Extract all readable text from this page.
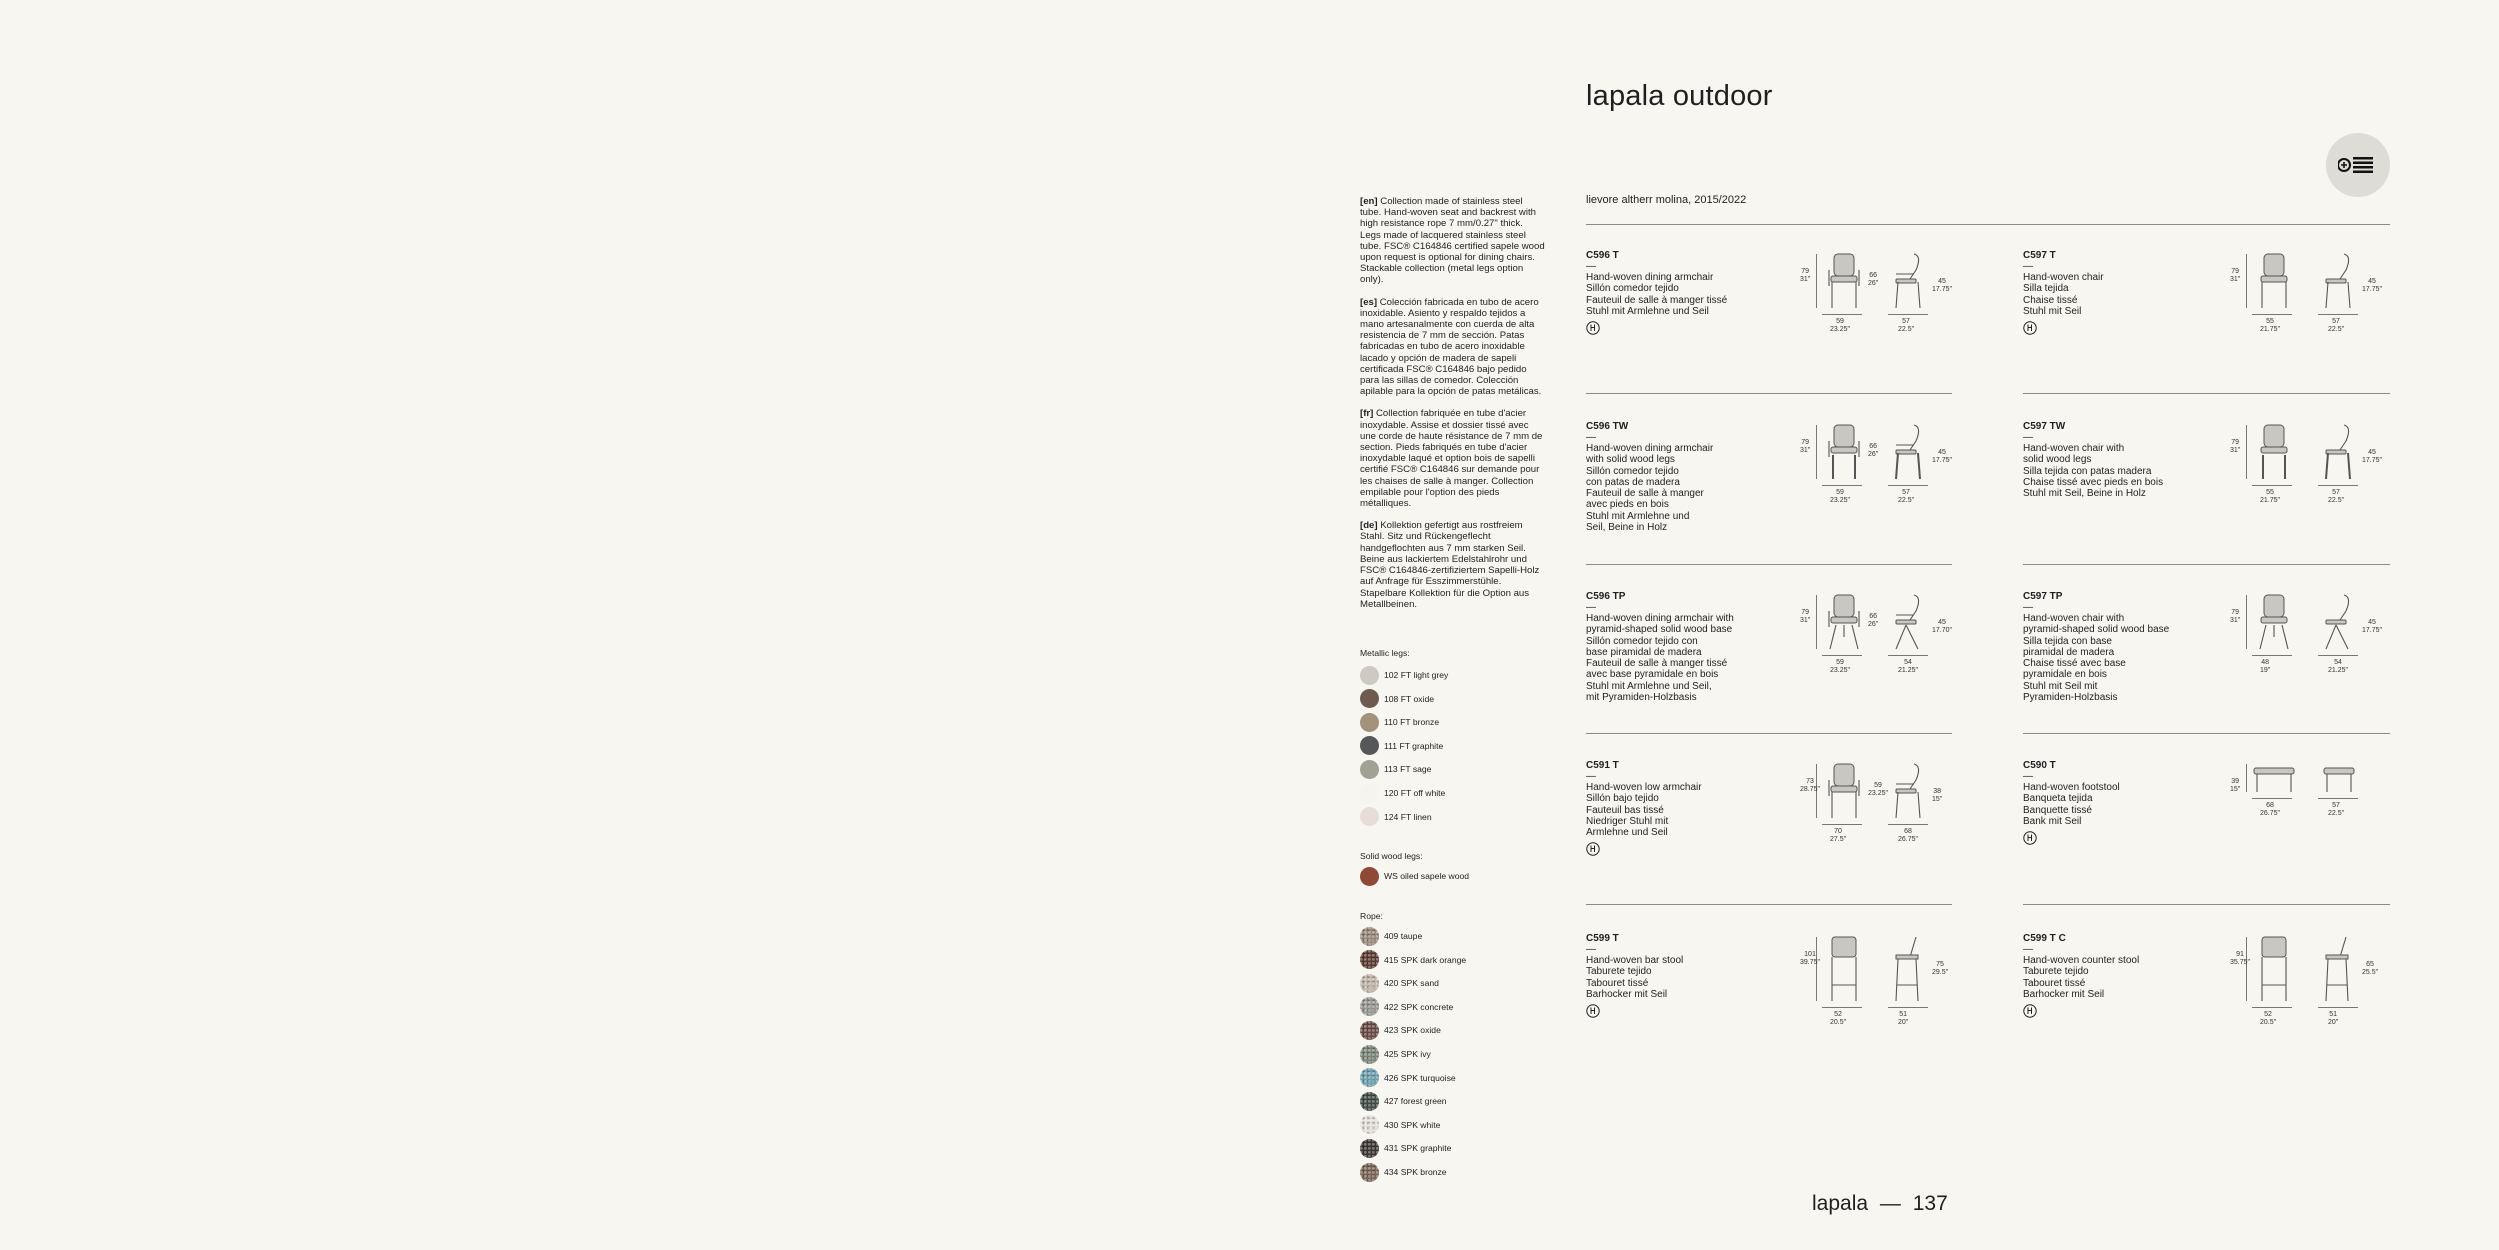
[en] Collection made of stainless steel tube. Hand-woven seat and backrest with high resistance rope 7 mm/0.27" thick. Legs made of lacquered stainless steel tube. FSC® C164846 certified sapele wood upon request is optional for dining chairs. Stackable collection (metal legs option only).

[es] Colección fabricada en tubo de acero inoxidable. Asiento y respaldo tejidos a mano artesanalmente con cuerda de alta resistencia de 7 mm de sección. Patas fabricadas en tubo de acero inoxidable lacado y opción de madera de sapeli certificada FSC® C164846 bajo pedido para las sillas de comedor. Colección apilable para la opción de patas metálicas.

[fr] Collection fabriquée en tube d'acier inoxydable. Assise et dossier tissé avec une corde de haute résistance de 7 mm de section. Pieds fabriqués en tube d'acier inoxydable laqué et option bois de sapelli certifié FSC® C164846 sur demande pour les chaises de salle à manger. Collection empilable pour l'option des pieds métalliques.

[de] Kollektion gefertigt aus rostfreiem Stahl. Sitz und Rückengeflecht handgeflochten aus 7 mm starken Seil. Beine aus lackiertem Edelstahlrohr und FSC® C164846-zertifiziertem Sapelli-Holz auf Anfrage für Esszimmerstühle. Stapelbare Kollektion für die Option aus Metallbeinen.

Metallic legs:
102 FT light grey
108 FT oxide
110 FT bronze
111 FT graphite
113 FT sage
120 FT off white
124 FT linen
Solid wood legs:
WS oiled sapele wood
Rope:
409 taupe
415 SPK dark orange
420 SPK sand
422 SPK concrete
423 SPK oxide
425 SPK ivy
426 SPK turquoise
427 forest green
430 SPK white
431 SPK graphite
434 SPK bronze
lapala outdoor
lievore altherr molina, 2015/2022
C596 T
—
Hand-woven dining armchair
Sillón comedor tejido
Fauteuil de salle à manger tissé
Stuhl mit Armlehne und Seil
79
31"
66
26"	45
17.75"
59
23.25"
57
22.5"
C597 T
—
Hand-woven chair
Silla tejida
Chaise tissé
Stuhl mit Seil
79
31"	45
17.75"
55
21.75"
57
22.5"
C596 TW
—
Hand-woven dining armchair
with solid wood legs
Sillón comedor tejido
con patas de madera
Fauteuil de salle à manger
avec pieds en bois
Stuhl mit Armlehne und
Seil, Beine in Holz
79
31"
66
26"	45
17.75"
59
23.25"
57
22.5"
C597 TW
—
Hand-woven chair with
solid wood legs
Silla tejida con patas madera
Chaise tissé avec pieds en bois
Stuhl mit Seil, Beine in Holz
79
31"	45
17.75"
55
21.75"
57
22.5"
C596 TP
—
Hand-woven dining armchair with
pyramid-shaped solid wood base
Sillón comedor tejido con
base piramidal de madera
Fauteuil de salle à manger tissé
avec base pyramidale en bois
Stuhl mit Armlehne und Seil,
mit Pyramiden-Holzbasis
79
31"
66
26"	45
17.70"
59
23.25"
54
21.25"
C597 TP
—
Hand-woven chair with
pyramid-shaped solid wood base
Silla tejida con base
piramidal de madera
Chaise tissé avec base
pyramidale en bois
Stuhl mit Seil mit
Pyramiden-Holzbasis
79
31"	45
17.75"
48
19"
54
21.25"
C591 T
—
Hand-woven low armchair
Sillón bajo tejido
Fauteuil bas tissé
Niedriger Stuhl mit
Armlehne und Seil
73
28.75"
59
23.25"	38
15"
70
27.5"
68
26.75"
C590 T
—
Hand-woven footstool
Banqueta tejida
Banquette tissé
Bank mit Seil
39
15"
68
26.75"
57
22.5"
C599 T
—
Hand-woven bar stool
Taburete tejido
Tabouret tissé
Barhocker mit Seil
101
39.75"	75
29.5"
52
20.5"
51
20"
C599 T C
—
Hand-woven counter stool
Taburete tejido
Tabouret tissé
Barhocker mit Seil
91
35.75"	65
25.5"
52
20.5"
51
20"
lapala — 137
